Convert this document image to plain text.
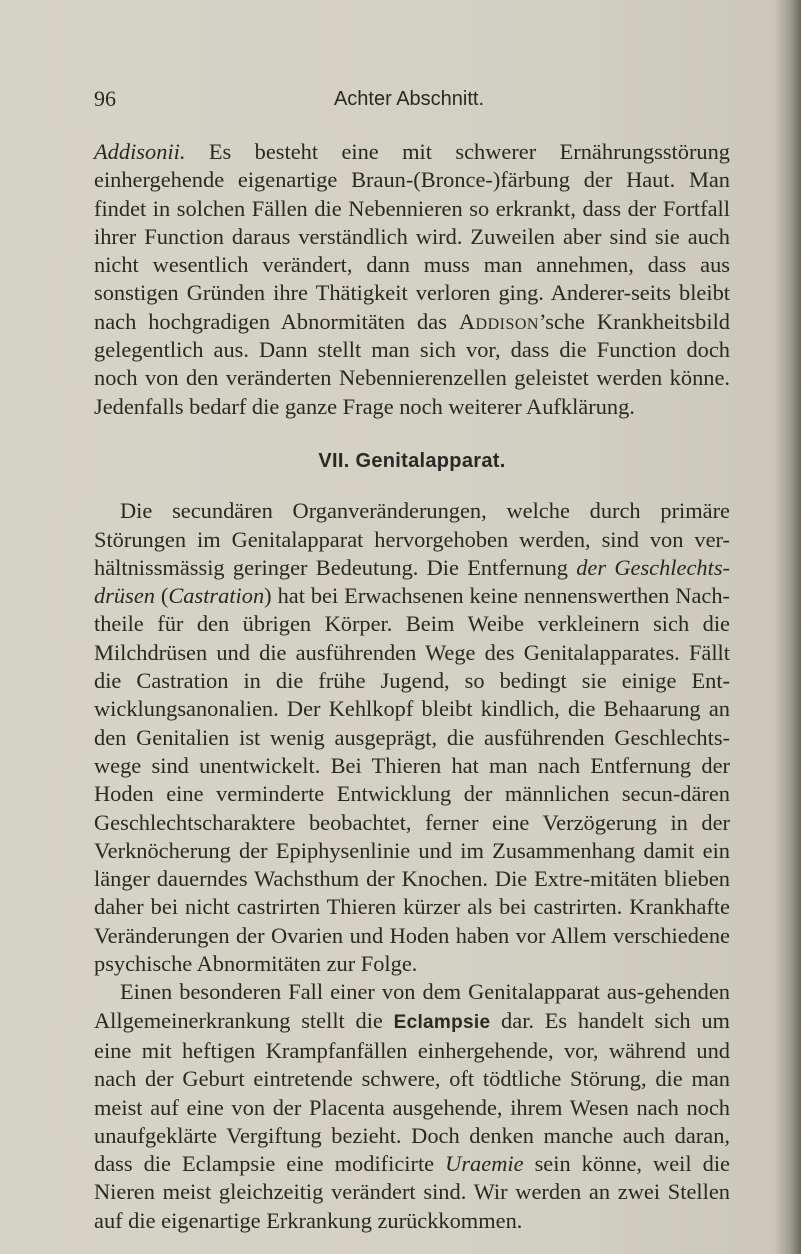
96	Achter Abschnitt.

Addisonii. Es besteht eine mit schwerer Ernährungsstörung einhergehende eigenartige Braun-(Bronce-)färbung der Haut. Man findet in solchen Fällen die Nebennieren so erkrankt, dass der Fortfall ihrer Function daraus verständlich wird. Zuweilen aber sind sie auch nicht wesentlich verändert, dann muss man annehmen, dass aus sonstigen Gründen ihre Thätigkeit verloren ging. Anderer-seits bleibt nach hochgradigen Abnormitäten das Addison’sche Krankheitsbild gelegentlich aus. Dann stellt man sich vor, dass die Function doch noch von den veränderten Nebennierenzellen geleistet werden könne. Jedenfalls bedarf die ganze Frage noch weiterer Aufklärung.

VII. Genitalapparat.

Die secundären Organveränderungen, welche durch primäre Störungen im Genitalapparat hervorgehoben werden, sind von ver-hältnissmässig geringer Bedeutung. Die Entfernung der Geschlechts-drüsen (Castration) hat bei Erwachsenen keine nennenswerthen Nach-theile für den übrigen Körper. Beim Weibe verkleinern sich die Milchdrüsen und die ausführenden Wege des Genitalapparates. Fällt die Castration in die frühe Jugend, so bedingt sie einige Ent-wicklungsanonalien. Der Kehlkopf bleibt kindlich, die Behaarung an den Genitalien ist wenig ausgeprägt, die ausführenden Geschlechts-wege sind unentwickelt. Bei Thieren hat man nach Entfernung der Hoden eine verminderte Entwicklung der männlichen secun-dären Geschlechtscharaktere beobachtet, ferner eine Verzögerung in der Verknöcherung der Epiphysenlinie und im Zusammenhang damit ein länger dauerndes Wachsthum der Knochen. Die Extre-mitäten blieben daher bei nicht castrirten Thieren kürzer als bei castrirten. Krankhafte Veränderungen der Ovarien und Hoden haben vor Allem verschiedene psychische Abnormitäten zur Folge.

Einen besonderen Fall einer von dem Genitalapparat aus-gehenden Allgemeinerkrankung stellt die Eclampsie dar. Es handelt sich um eine mit heftigen Krampfanfällen einhergehende, vor, während und nach der Geburt eintretende schwere, oft tödtliche Störung, die man meist auf eine von der Placenta ausgehende, ihrem Wesen nach noch unaufgeklärte Vergiftung bezieht. Doch denken manche auch daran, dass die Eclampsie eine modificirte Uraemie sein könne, weil die Nieren meist gleichzeitig verändert sind. Wir werden an zwei Stellen auf die eigenartige Erkrankung zurückkommen.
